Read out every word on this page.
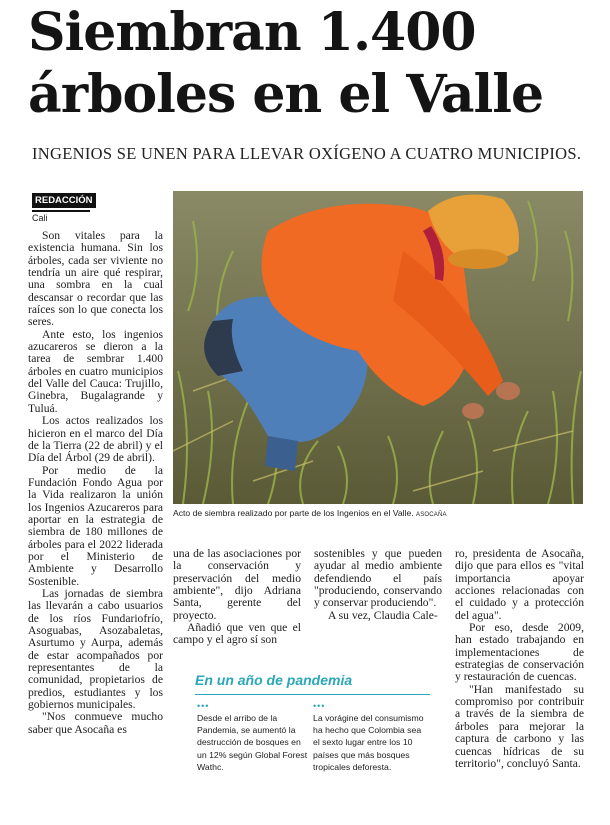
Siembran 1.400
árboles en el Valle
INGENIOS SE UNEN PARA LLEVAR OXÍGENO A CUATRO MUNICIPIOS.
REDACCIÓN
Cali
Acto de siembra realizado por parte de los Ingenios en el Valle. ASOCAÑA

Son vitales para la existencia humana. Sin los árboles, cada ser viviente no tendría un aire qué respirar, una sombra en la cual descansar o recordar que las raíces son lo que conecta los seres.

Ante esto, los ingenios azucareros se dieron a la tarea de sembrar 1.400 árboles en cuatro municipios del Valle del Cauca: Trujillo, Ginebra, Bugalagrande y Tuluá.

Los actos realizados los hicieron en el marco del Día de la Tierra (22 de abril) y el Día del Árbol (29 de abril).

Por medio de la Fundación Fondo Agua por la Vida realizaron la unión los Ingenios Azucareros para aportar en la estrategia de siembra de 180 millones de árboles para el 2022 liderada por el Ministerio de Ambiente y Desarrollo Sostenible.

Las jornadas de siembra las llevarán a cabo usuarios de los ríos Fundariofrío, Asoguabas, Asozabaletas, Asurtumo y Aurpa, además de estar acompañados por representantes de la comunidad, propietarios de predios, estudiantes y los gobiernos municipales.

"Nos conmueve mucho saber que Asocaña es

una de las asociaciones por la conservación y preservación del medio ambiente", dijo Adriana Santa, gerente del proyecto.

Añadió que ven que el campo y el agro sí son

sostenibles y que pueden ayudar al medio ambiente defendiendo el país "produciendo, conservando y conservar produciendo".

A su vez, Claudia Cale-

ro, presidenta de Asocaña, dijo que para ellos es "vital importancia apoyar acciones relacionadas con el cuidado y a protección del agua".

Por eso, desde 2009, han estado trabajando en implementaciones de estrategias de conservación y restauración de cuencas.

"Han manifestado su compromiso por contribuir a través de la siembra de árboles para mejorar la captura de carbono y las cuencas hídricas de su territorio", concluyó Santa.

En un año de pandemia
•••
Desde el arribo de la Pandemia, se aumentó la destrucción de bosques en un 12% según Global Forest Wathc.
•••
La vorágine del consumismo ha hecho que Colombia sea el sexto lugar entre los 10 países que más bosques tropicales deforesta.
